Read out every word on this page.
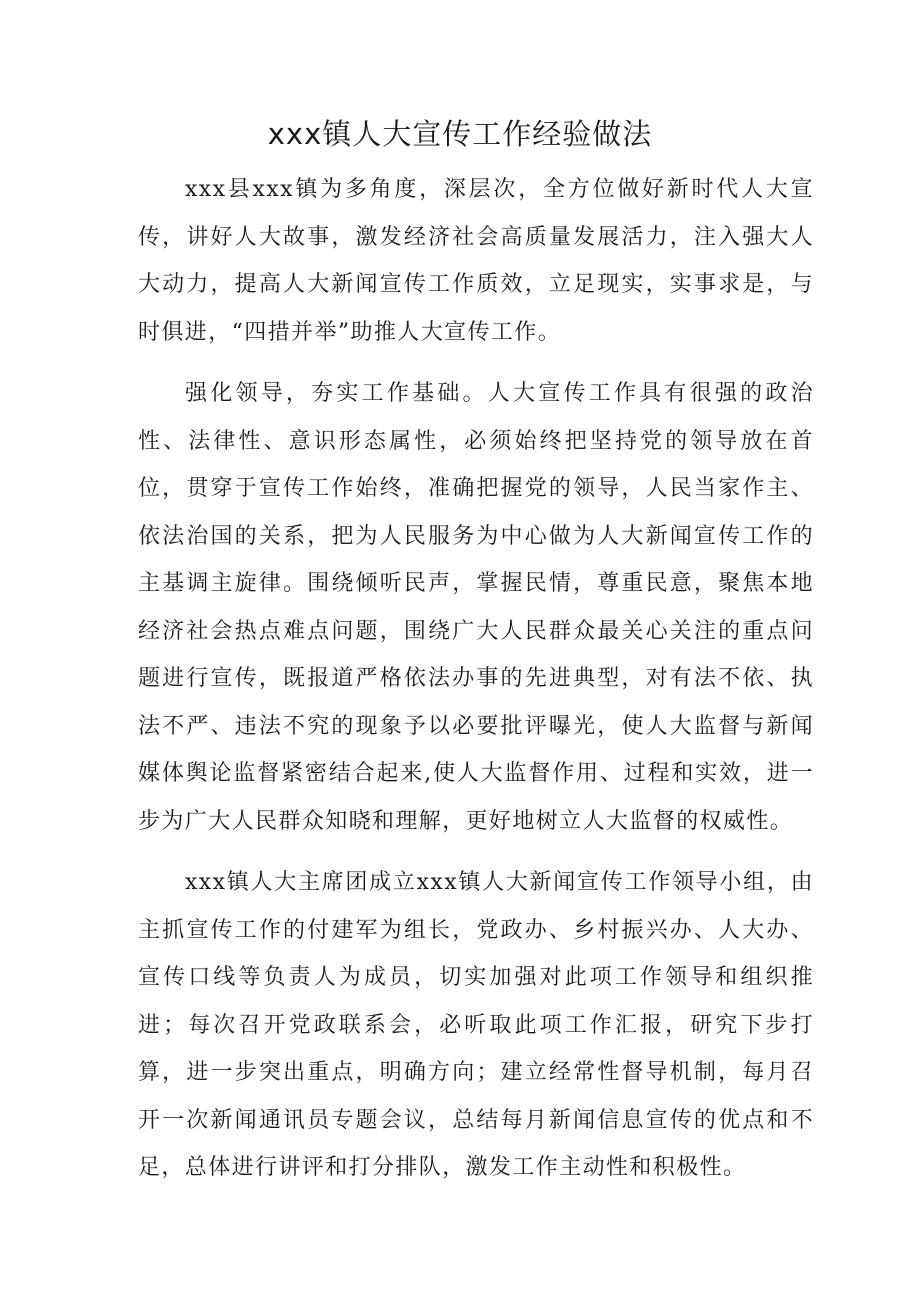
xxx镇人大宣传工作经验做法

xxx县xxx镇为多角度，深层次，全方位做好新时代人大宣传，讲好人大故事，激发经济社会高质量发展活力，注入强大人大动力，提高人大新闻宣传工作质效，立足现实，实事求是，与时俱进，“四措并举”助推人大宣传工作。

强化领导，夯实工作基础。人大宣传工作具有很强的政治性、法律性、意识形态属性，必须始终把坚持党的领导放在首位，贯穿于宣传工作始终，准确把握党的领导，人民当家作主、依法治国的关系，把为人民服务为中心做为人大新闻宣传工作的主基调主旋律。围绕倾听民声，掌握民情，尊重民意，聚焦本地经济社会热点难点问题，围绕广大人民群众最关心关注的重点问题进行宣传，既报道严格依法办事的先进典型，对有法不依、执法不严、违法不究的现象予以必要批评曝光，使人大监督与新闻媒体舆论监督紧密结合起来,使人大监督作用、过程和实效，进一步为广大人民群众知晓和理解，更好地树立人大监督的权威性。

xxx镇人大主席团成立xxx镇人大新闻宣传工作领导小组，由主抓宣传工作的付建军为组长，党政办、乡村振兴办、人大办、宣传口线等负责人为成员，切实加强对此项工作领导和组织推进；每次召开党政联系会，必听取此项工作汇报，研究下步打算，进一步突出重点，明确方向；建立经常性督导机制，每月召开一次新闻通讯员专题会议，总结每月新闻信息宣传的优点和不足，总体进行讲评和打分排队，激发工作主动性和积极性。
